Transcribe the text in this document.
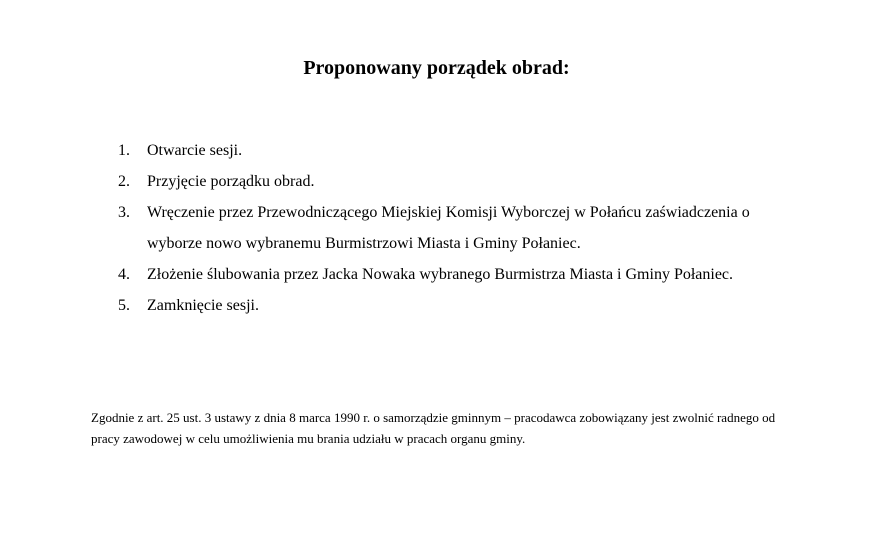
Proponowany porządek obrad:
1.	Otwarcie sesji.
2.	Przyjęcie porządku obrad.
3.	Wręczenie przez Przewodniczącego Miejskiej Komisji Wyborczej w Połańcu zaświadczenia o wyborze nowo wybranemu Burmistrzowi Miasta i Gminy Połaniec.
4.	Złożenie ślubowania przez Jacka Nowaka wybranego Burmistrza Miasta i Gminy Połaniec.
5.	Zamknięcie sesji.

Zgodnie z art. 25 ust. 3 ustawy z dnia 8 marca 1990 r. o samorządzie gminnym – pracodawca zobowiązany jest zwolnić radnego od pracy zawodowej w celu umożliwienia mu brania udziału w pracach organu gminy.
